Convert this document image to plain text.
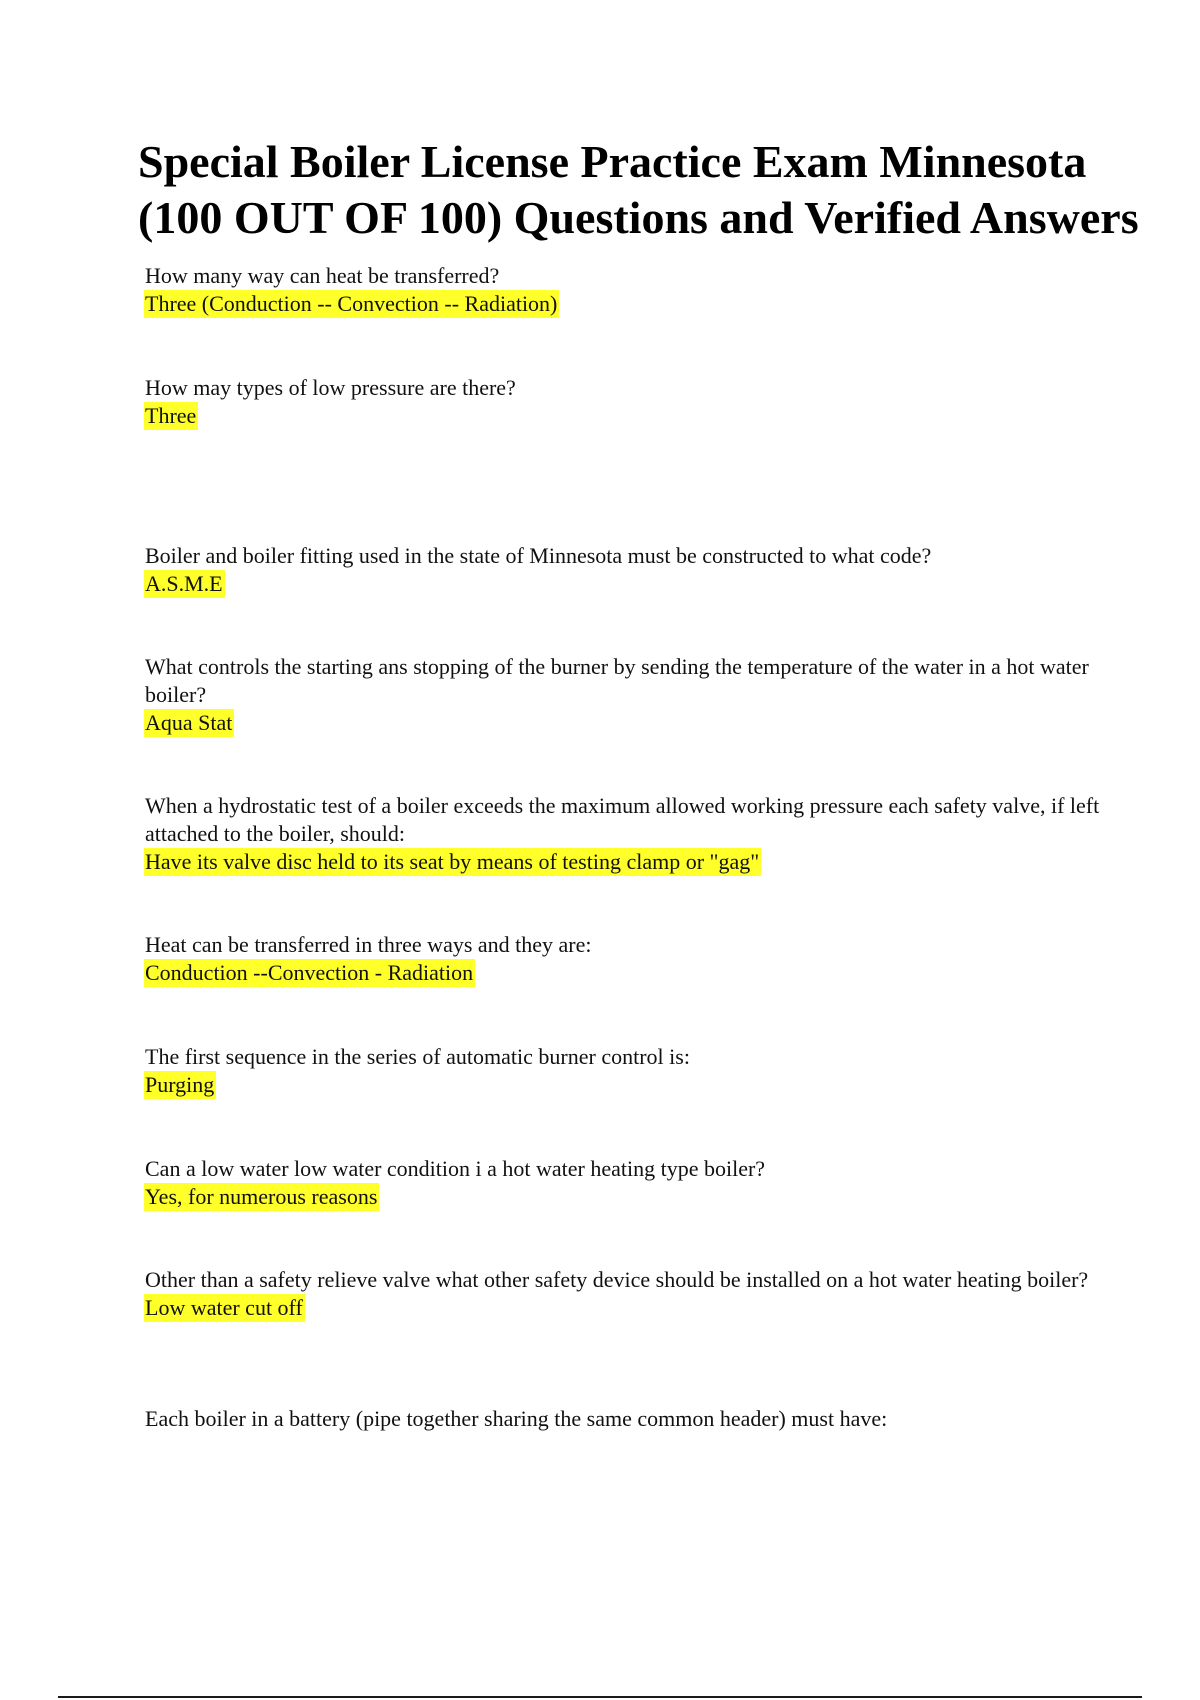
Special Boiler License Practice Exam Minnesota
(100 OUT OF 100) Questions and Verified Answers
How many way can heat be transferred?
Three (Conduction -- Convection -- Radiation)
How may types of low pressure are there?
Three
Boiler and boiler fitting used in the state of Minnesota must be constructed to what code?
A.S.M.E
What controls the starting ans stopping of the burner by sending the temperature of the water in a hot water boiler?
Aqua Stat
When a hydrostatic test of a boiler exceeds the maximum allowed working pressure each safety valve, if left attached to the boiler, should:
Have its valve disc held to its seat by means of testing clamp or "gag"
Heat can be transferred in three ways and they are:
Conduction --Convection - Radiation
The first sequence in the series of automatic burner control is:
Purging
Can a low water low water condition i a hot water heating type boiler?
Yes, for numerous reasons
Other than a safety relieve valve what other safety device should be installed on a hot water heating boiler?
Low water cut off
Each boiler in a battery (pipe together sharing the same common header) must have:
